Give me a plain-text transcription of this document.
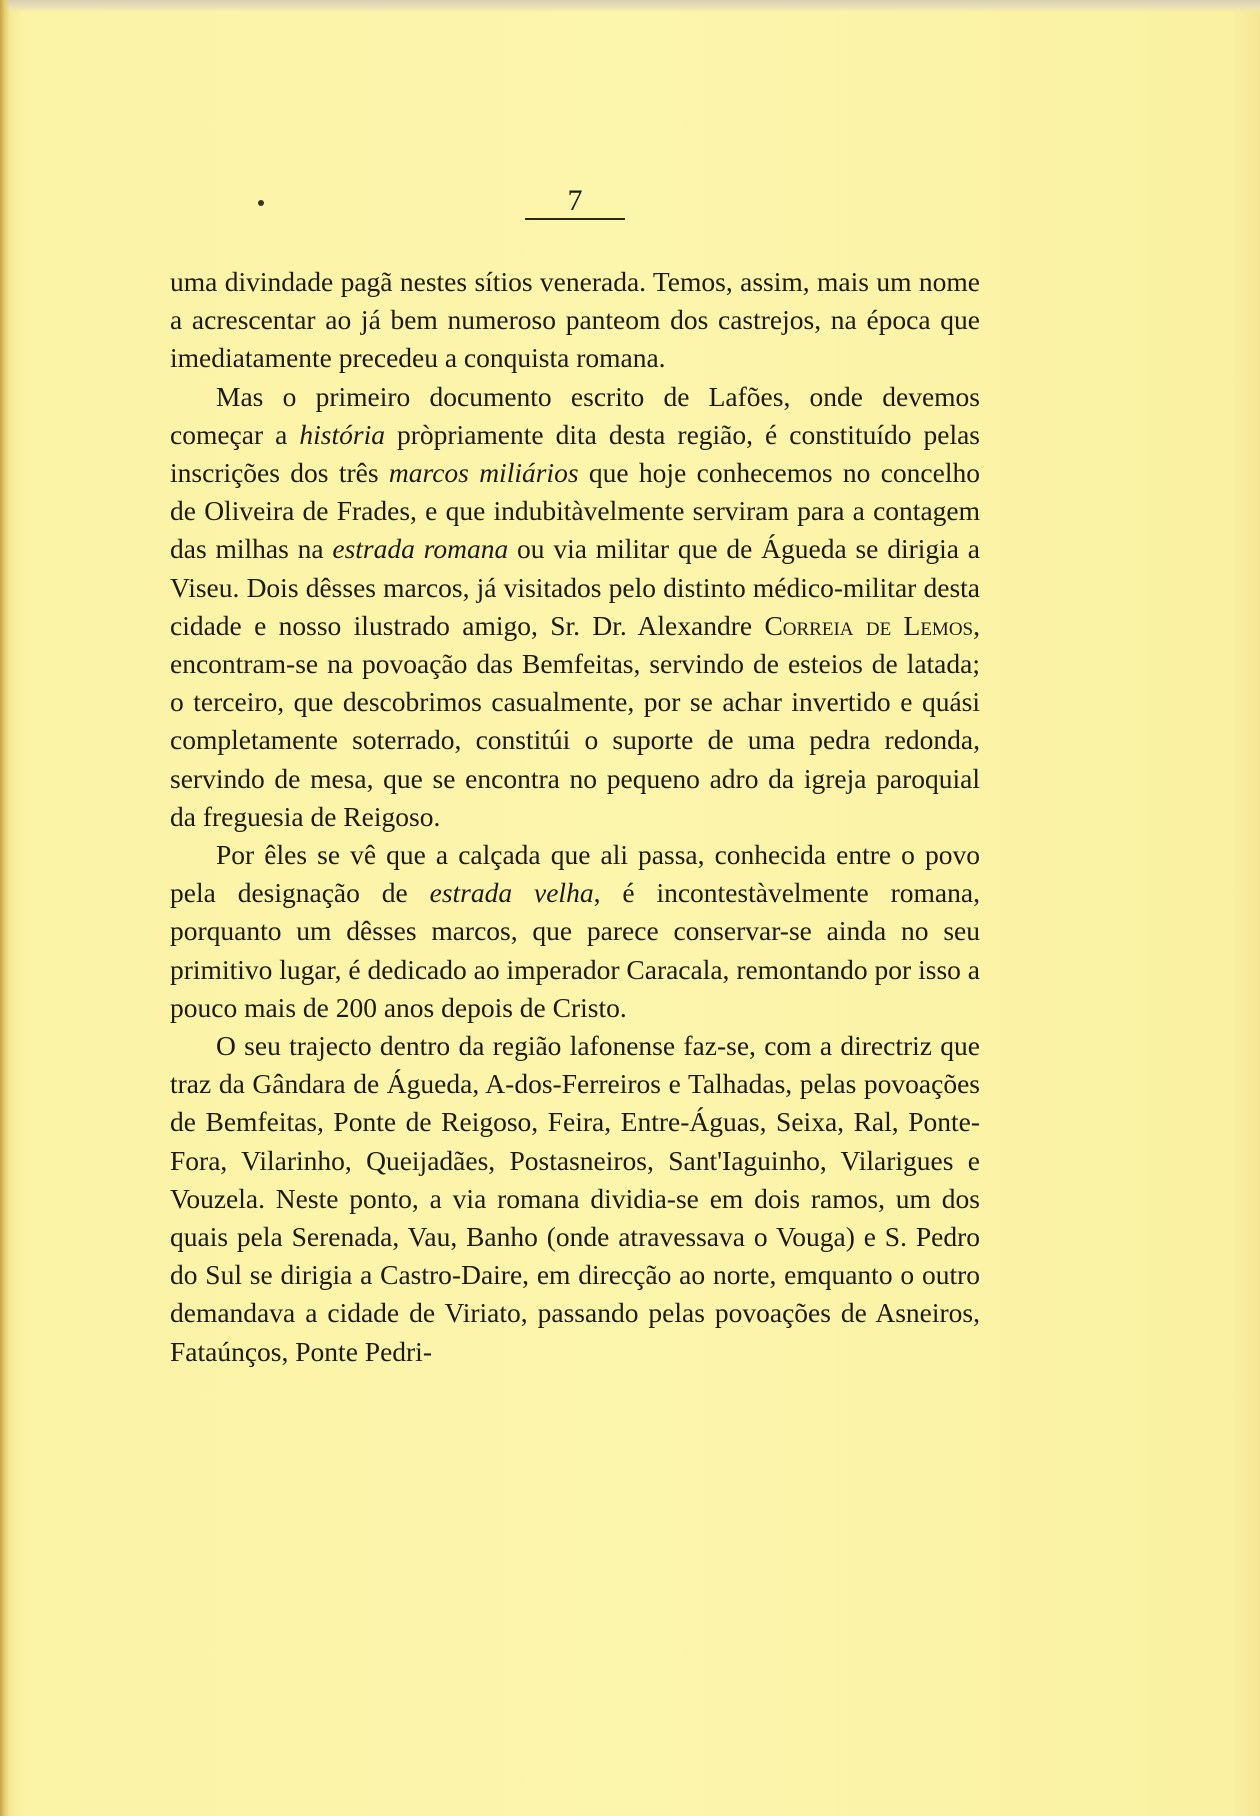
7

uma divindade pagã nestes sítios venerada. Temos, assim, mais um nome a acrescentar ao já bem numeroso panteom dos castrejos, na época que imediatamente precedeu a conquista romana.

Mas o primeiro documento escrito de Lafões, onde devemos começar a história pròpriamente dita desta região, é constituído pelas inscrições dos três marcos miliários que hoje conhecemos no concelho de Oliveira de Frades, e que indubitàvelmente serviram para a contagem das milhas na estrada romana ou via militar que de Águeda se dirigia a Viseu. Dois dêsses marcos, já visitados pelo distinto médico-militar desta cidade e nosso ilustrado amigo, Sr. Dr. Alexandre Correia de Lemos, encontram-se na povoação das Bemfeitas, servindo de esteios de latada; o terceiro, que descobrimos casualmente, por se achar invertido e quási completamente soterrado, constitúi o suporte de uma pedra redonda, servindo de mesa, que se encontra no pequeno adro da igreja paroquial da freguesia de Reigoso.

Por êles se vê que a calçada que ali passa, conhecida entre o povo pela designação de estrada velha, é incontestàvelmente romana, porquanto um dêsses marcos, que parece conservar-se ainda no seu primitivo lugar, é dedicado ao imperador Caracala, remontando por isso a pouco mais de 200 anos depois de Cristo.

O seu trajecto dentro da região lafonense faz-se, com a directriz que traz da Gândara de Águeda, A-dos-Ferreiros e Talhadas, pelas povoações de Bemfeitas, Ponte de Reigoso, Feira, Entre-Águas, Seixa, Ral, Ponte-Fora, Vilarinho, Queijadães, Postasneiros, Sant'Iaguinho, Vilarigues e Vouzela. Neste ponto, a via romana dividia-se em dois ramos, um dos quais pela Serenada, Vau, Banho (onde atravessava o Vouga) e S. Pedro do Sul se dirigia a Castro-Daire, em direcção ao norte, emquanto o outro demandava a cidade de Viriato, passando pelas povoações de Asneiros, Fataúnços, Ponte Pedri-
